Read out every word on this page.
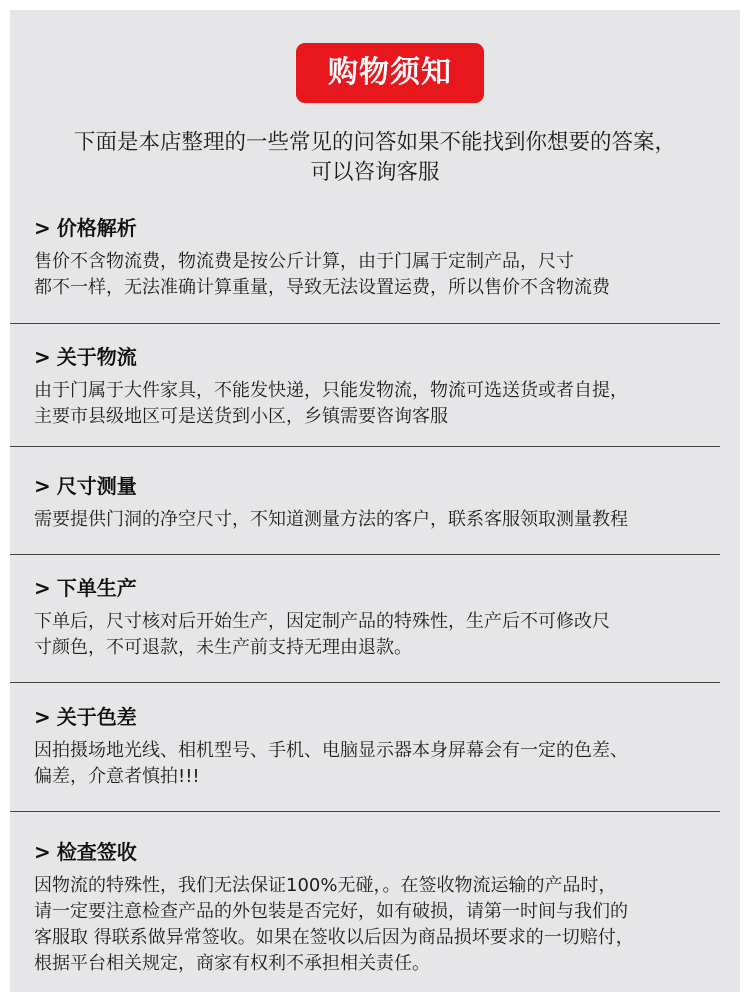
购物须知
下面是本店整理的一些常见的问答如果不能找到你想要的答案，
可以咨询客服
> 价格解析
售价不含物流费，物流费是按公斤计算，由于门属于定制产品，尺寸
都不一样，无法准确计算重量，导致无法设置运费，所以售价不含物流费
> 关于物流
由于门属于大件家具，不能发快递，只能发物流，物流可选送货或者自提，
主要市县级地区可是送货到小区，乡镇需要咨询客服
> 尺寸测量
需要提供门洞的净空尺寸，不知道测量方法的客户，联系客服领取测量教程
> 下单生产
下单后，尺寸核对后开始生产，因定制产品的特殊性，生产后不可修改尺
寸颜色，不可退款，未生产前支持无理由退款。
> 关于色差
因拍摄场地光线、相机型号、手机、电脑显示器本身屏幕会有一定的色差、
偏差，介意者慎拍!!!
> 检查签收
因物流的特殊性，我们无法保证100%无碰，。在签收物流运输的产品时，
请一定要注意检查产品的外包装是否完好，如有破损，请第一时间与我们的
客服取 得联系做异常签收。如果在签收以后因为商品损坏要求的一切赔付，
根据平台相关规定，商家有权利不承担相关责任。
